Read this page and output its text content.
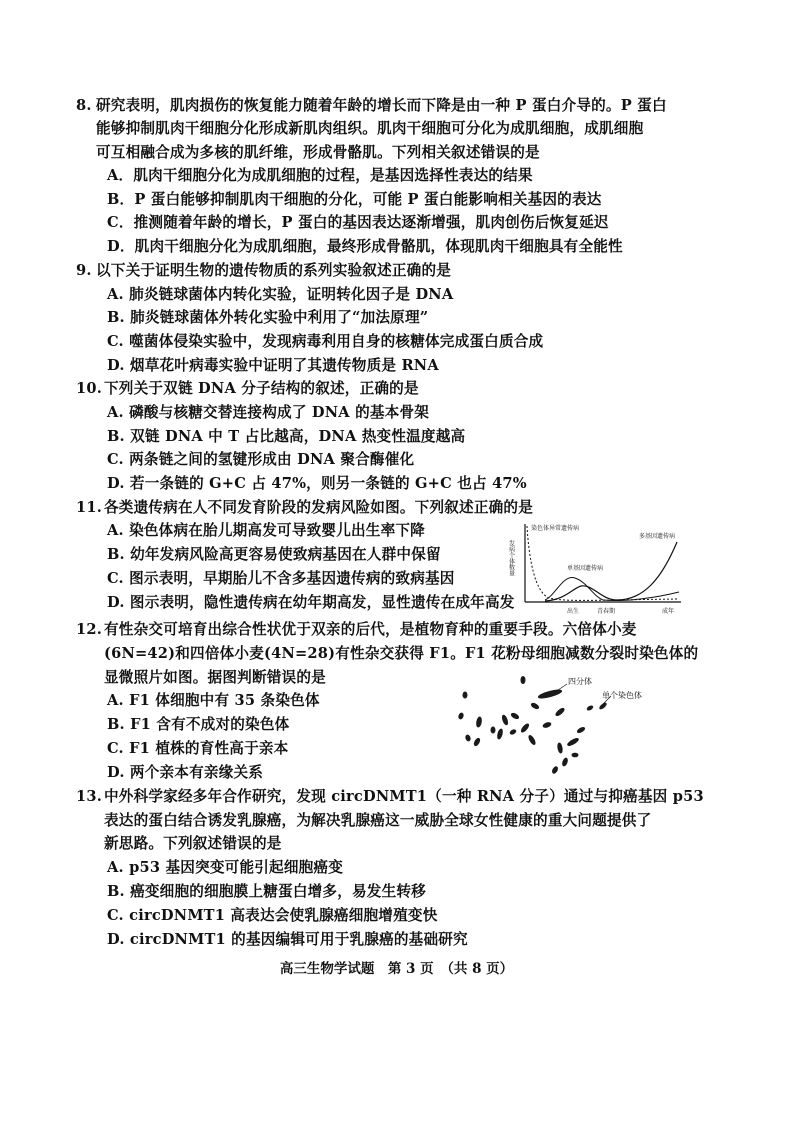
8. 研究表明，肌肉损伤的恢复能力随着年龄的增长而下降是由一种 P 蛋白介导的。P 蛋白
能够抑制肌肉干细胞分化形成新肌肉组织。肌肉干细胞可分化为成肌细胞，成肌细胞
可互相融合成为多核的肌纤维，形成骨骼肌。下列相关叙述错误的是
A．肌肉干细胞分化为成肌细胞的过程，是基因选择性表达的结果
B．P 蛋白能够抑制肌肉干细胞的分化，可能 P 蛋白能影响相关基因的表达
C．推测随着年龄的增长，P 蛋白的基因表达逐渐增强，肌肉创伤后恢复延迟
D．肌肉干细胞分化为成肌细胞，最终形成骨骼肌，体现肌肉干细胞具有全能性
9. 以下关于证明生物的遗传物质的系列实验叙述正确的是
A. 肺炎链球菌体内转化实验，证明转化因子是 DNA
B. 肺炎链球菌体外转化实验中利用了“加法原理”
C. 噬菌体侵染实验中，发现病毒利用自身的核糖体完成蛋白质合成
D. 烟草花叶病毒实验中证明了其遗传物质是 RNA
10. 下列关于双链 DNA 分子结构的叙述，正确的是
A. 磷酸与核糖交替连接构成了 DNA 的基本骨架
B. 双链 DNA 中 T 占比越高，DNA 热变性温度越高
C. 两条链之间的氢键形成由 DNA 聚合酶催化
D. 若一条链的 G+C 占 47%，则另一条链的 G+C 也占 47%
11. 各类遗传病在人不同发育阶段的发病风险如图。下列叙述正确的是
A. 染色体病在胎儿期高发可导致婴儿出生率下降
B. 幼年发病风险高更容易使致病基因在人群中保留
C. 图示表明，早期胎儿不含多基因遗传病的致病基因
D. 图示表明，隐性遗传病在幼年期高发，显性遗传在成年高发
发病个体数量
染色体异常遗传病
单基因遗传病
多基因遗传病
出生	青春期	成年
12. 有性杂交可培育出综合性状优于双亲的后代，是植物育种的重要手段。六倍体小麦
(6N=42)和四倍体小麦(4N=28)有性杂交获得 F1。F1 花粉母细胞减数分裂时染色体的
显微照片如图。据图判断错误的是
A. F1 体细胞中有 35 条染色体
B. F1 含有不成对的染色体
C. F1 植株的育性高于亲本
D. 两个亲本有亲缘关系
四分体
单个染色体
13. 中外科学家经多年合作研究，发现 circDNMT1（一种 RNA 分子）通过与抑癌基因 p53
表达的蛋白结合诱发乳腺癌，为解决乳腺癌这一威胁全球女性健康的重大问题提供了
新思路。下列叙述错误的是
A. p53 基因突变可能引起细胞癌变
B. 癌变细胞的细胞膜上糖蛋白增多，易发生转移
C. circDNMT1 高表达会使乳腺癌细胞增殖变快
D. circDNMT1 的基因编辑可用于乳腺癌的基础研究
高三生物学试题　第 3 页　（共 8 页）
